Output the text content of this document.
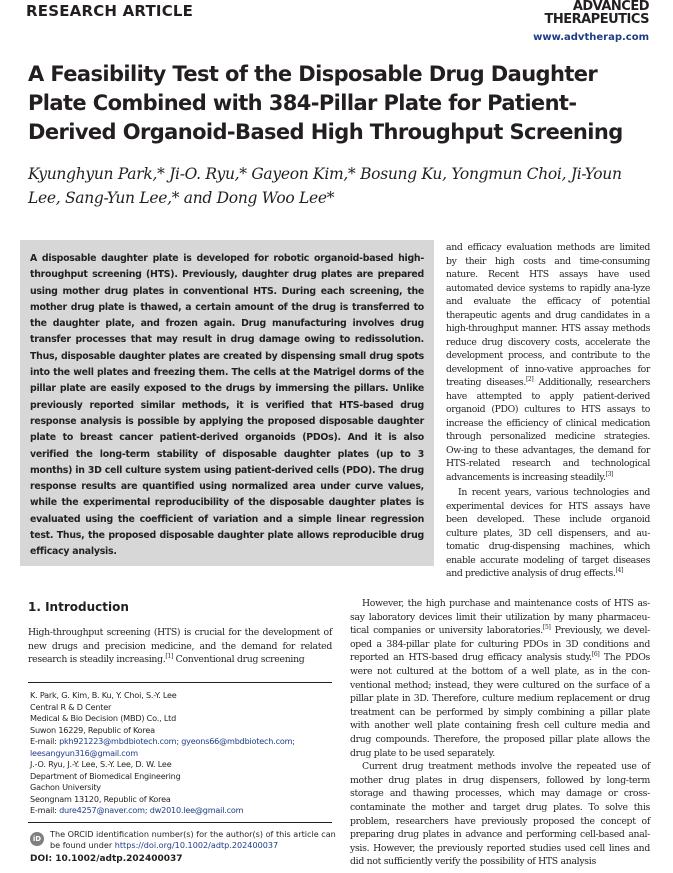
RESEARCH ARTICLE	ADVANCED
THERAPEUTICS
www.advtherap.com
A Feasibility Test of the Disposable Drug Daughter Plate Combined with 384-Pillar Plate for Patient-Derived Organoid-Based High Throughput Screening
Kyunghyun Park,* Ji-O. Ryu,* Gayeon Kim,* Bosung Ku, Yongmun Choi, Ji-Youn Lee, Sang-Yun Lee,* and Dong Woo Lee*
A disposable daughter plate is developed for robotic organoid-based high-throughput screening (HTS). Previously, daughter drug plates are prepared using mother drug plates in conventional HTS. During each screening, the mother drug plate is thawed, a certain amount of the drug is transferred to the daughter plate, and frozen again. Drug manufacturing involves drug transfer processes that may result in drug damage owing to redissolution. Thus, disposable daughter plates are created by dispensing small drug spots into the well plates and freezing them. The cells at the Matrigel dorms of the pillar plate are easily exposed to the drugs by immersing the pillars. Unlike previously reported similar methods, it is verified that HTS-based drug response analysis is possible by applying the proposed disposable daughter plate to breast cancer patient-derived organoids (PDOs). And it is also verified the long-term stability of disposable daughter plates (up to 3 months) in 3D cell culture system using patient-derived cells (PDO). The drug response results are quantified using normalized area under curve values, while the experimental reproducibility of the disposable daughter plates is evaluated using the coefficient of variation and a simple linear regression test. Thus, the proposed disposable daughter plate allows reproducible drug efficacy analysis.

and efficacy evaluation methods are limited by their high costs and time-consuming nature. Recent HTS assays have used automated device systems to rapidly ana-lyze and evaluate the efficacy of potential therapeutic agents and drug candidates in a high-throughput manner. HTS assay methods reduce drug discovery costs, accelerate the development process, and contribute to the development of inno-vative approaches for treating diseases.[2] Additionally, researchers have attempted to apply patient-derived organoid (PDO) cultures to HTS assays to increase the efficiency of clinical medication through personalized medicine strategies. Ow-ing to these advantages, the demand for HTS-related research and technological advancements is increasing steadily.[3]

In recent years, various technologies and experimental devices for HTS assays have been developed. These include organoid culture plates, 3D cell dispensers, and au-tomatic drug-dispensing machines, which enable accurate modeling of target diseases and predictive analysis of drug effects.[4]

1. Introduction
High-throughput screening (HTS) is crucial for the development of new drugs and precision medicine, and the demand for related research is steadily increasing.[1] Conventional drug screening

However, the high purchase and maintenance costs of HTS as-say laboratory devices limit their utilization by many pharmaceu-tical companies or university laboratories.[5] Previously, we devel-oped a 384-pillar plate for culturing PDOs in 3D conditions and reported an HTS-based drug efficacy analysis study.[6] The PDOs were not cultured at the bottom of a well plate, as in the con-ventional method; instead, they were cultured on the surface of a pillar plate in 3D. Therefore, culture medium replacement or drug treatment can be performed by simply combining a pillar plate with another well plate containing fresh cell culture media and drug compounds. Therefore, the proposed pillar plate allows the drug plate to be used separately.

Current drug treatment methods involve the repeated use of mother drug plates in drug dispensers, followed by long-term storage and thawing processes, which may damage or cross-contaminate the mother and target drug plates. To solve this problem, researchers have previously proposed the concept of preparing drug plates in advance and performing cell-based anal-ysis. However, the previously reported studies used cell lines and did not sufficiently verify the possibility of HTS analysis

K. Park, G. Kim, B. Ku, Y. Choi, S.-Y. Lee
Central R & D Center
Medical & Bio Decision (MBD) Co., Ltd
Suwon 16229, Republic of Korea
E-mail: pkh921223@mbdbiotech.com; gyeons66@mbdbiotech.com;
leesangyun316@gmail.com
J.-O. Ryu, J.-Y. Lee, S.-Y. Lee, D. W. Lee
Department of Biomedical Engineering
Gachon University
Seongnam 13120, Republic of Korea
E-mail: dure4257@naver.com; dw2010.lee@gmail.com
iD	The ORCID identification number(s) for the author(s) of this article can be found under https://doi.org/10.1002/adtp.202400037
DOI: 10.1002/adtp.202400037
